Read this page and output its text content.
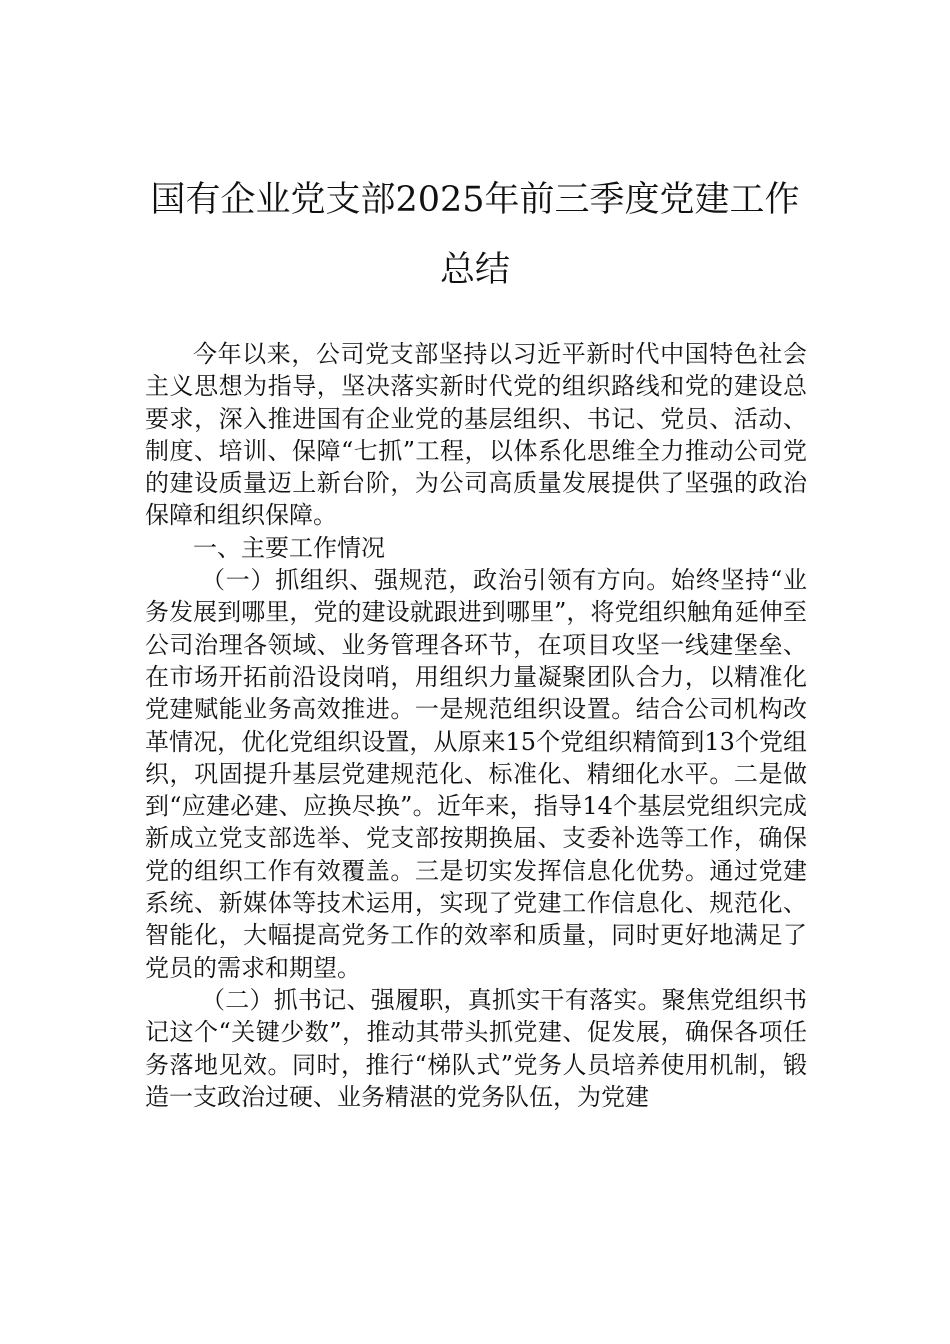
国有企业党支部2025年前三季度党建工作
总结

今年以来，公司党支部坚持以习近平新时代中国特色社会主义思想为指导，坚决落实新时代党的组织路线和党的建设总要求，深入推进国有企业党的基层组织、书记、党员、活动、制度、培训、保障“七抓”工程，以体系化思维全力推动公司党的建设质量迈上新台阶，为公司高质量发展提供了坚强的政治保障和组织保障。

一、主要工作情况

（一）抓组织、强规范，政治引领有方向。始终坚持“业务发展到哪里，党的建设就跟进到哪里”，将党组织触角延伸至公司治理各领域、业务管理各环节，在项目攻坚一线建堡垒、在市场开拓前沿设岗哨，用组织力量凝聚团队合力，以精准化党建赋能业务高效推进。一是规范组织设置。结合公司机构改革情况，优化党组织设置，从原来15个党组织精简到13个党组织，巩固提升基层党建规范化、标准化、精细化水平。二是做到“应建必建、应换尽换”。近年来，指导14个基层党组织完成新成立党支部选举、党支部按期换届、支委补选等工作，确保党的组织工作有效覆盖。三是切实发挥信息化优势。通过党建系统、新媒体等技术运用，实现了党建工作信息化、规范化、智能化，大幅提高党务工作的效率和质量，同时更好地满足了党员的需求和期望。

（二）抓书记、强履职，真抓实干有落实。聚焦党组织书记这个“关键少数”，推动其带头抓党建、促发展，确保各项任务落地见效。同时，推行“梯队式”党务人员培养使用机制，锻造一支政治过硬、业务精湛的党务队伍，为党建
